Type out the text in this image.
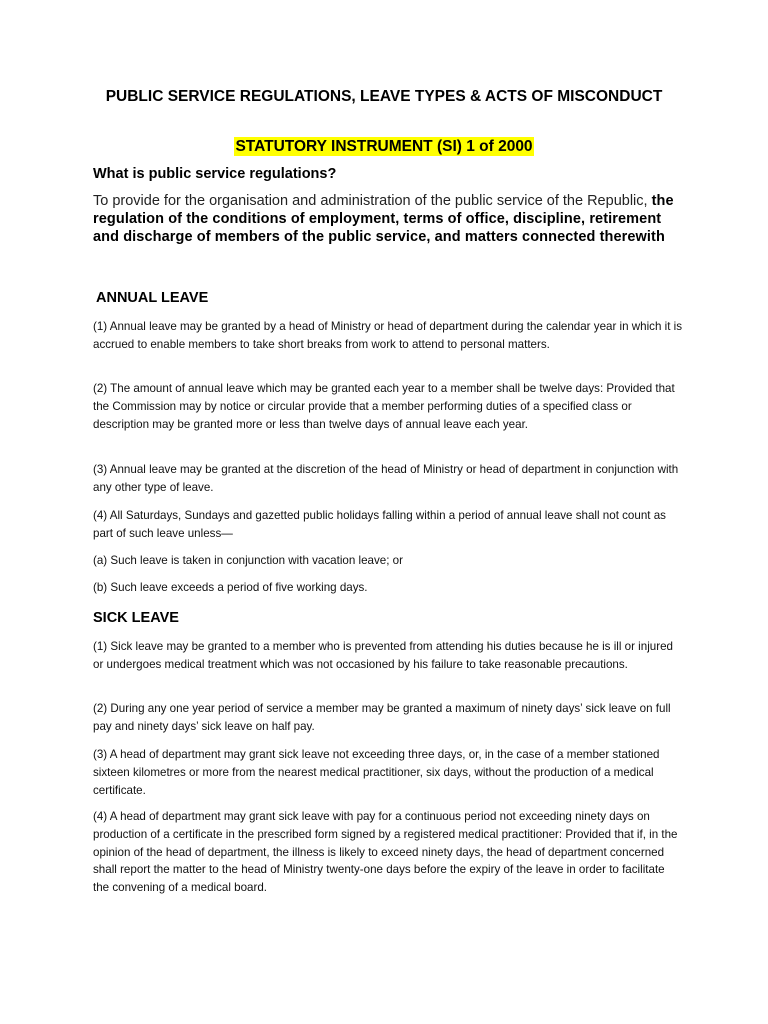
PUBLIC SERVICE REGULATIONS, LEAVE TYPES & ACTS OF MISCONDUCT
STATUTORY INSTRUMENT (SI) 1 of 2000
What is public service regulations?
To provide for the organisation and administration of the public service of the Republic, the regulation of the conditions of employment, terms of office, discipline, retirement and discharge of members of the public service, and matters connected therewith
ANNUAL LEAVE
(1) Annual leave may be granted by a head of Ministry or head of department during the calendar year in which it is accrued to enable members to take short breaks from work to attend to personal matters.
(2) The amount of annual leave which may be granted each year to a member shall be twelve days: Provided that the Commission may by notice or circular provide that a member performing duties of a specified class or description may be granted more or less than twelve days of annual leave each year.
(3) Annual leave may be granted at the discretion of the head of Ministry or head of department in conjunction with any other type of leave.
(4) All Saturdays, Sundays and gazetted public holidays falling within a period of annual leave shall not count as part of such leave unless—
(a) Such leave is taken in conjunction with vacation leave; or
(b) Such leave exceeds a period of five working days.
SICK LEAVE
(1) Sick leave may be granted to a member who is prevented from attending his duties because he is ill or injured or undergoes medical treatment which was not occasioned by his failure to take reasonable precautions.
(2) During any one year period of service a member may be granted a maximum of ninety days’ sick leave on full pay and ninety days’ sick leave on half pay.
(3) A head of department may grant sick leave not exceeding three days, or, in the case of a member stationed sixteen kilometres or more from the nearest medical practitioner, six days, without the production of a medical certificate.
(4) A head of department may grant sick leave with pay for a continuous period not exceeding ninety days on production of a certificate in the prescribed form signed by a registered medical practitioner: Provided that if, in the opinion of the head of department, the illness is likely to exceed ninety days, the head of department concerned shall report the matter to the head of Ministry twenty-one days before the expiry of the leave in order to facilitate the convening of a medical board.
